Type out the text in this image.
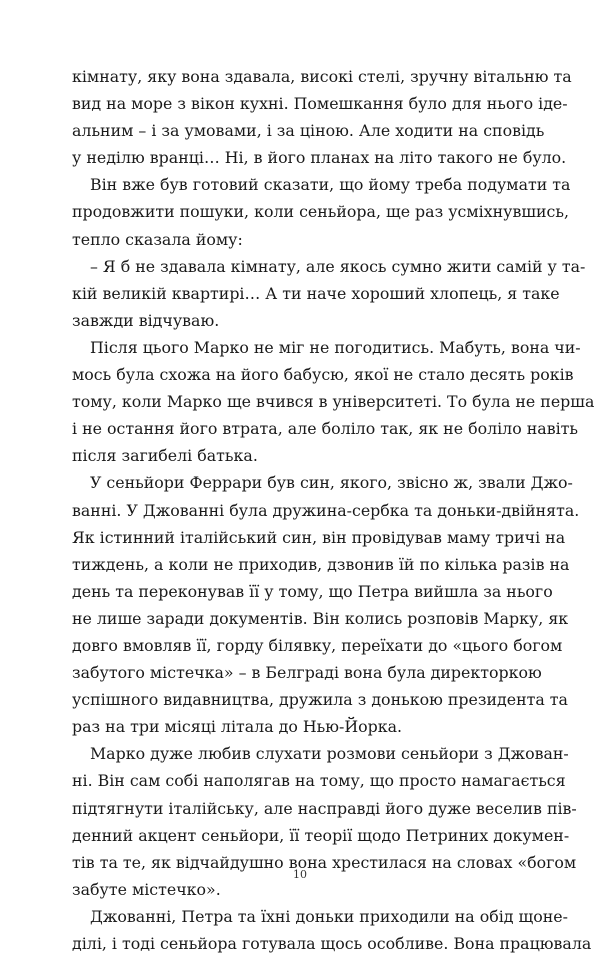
кімнату, яку вона здавала, високі стелі, зручну вітальню та
вид на море з вікон кухні. Помешкання було для нього іде-
альним – і за умовами, і за ціною. Але ходити на сповідь
у неділю вранці… Ні, в його планах на літо такого не було.
Він вже був готовий сказати, що йому треба подумати та
продовжити пошуки, коли сеньйора, ще раз усміхнувшись,
тепло сказала йому:
– Я б не здавала кімнату, але якось сумно жити самій у та-
кій великій квартирі… А ти наче хороший хлопець, я таке
завжди відчуваю.
Після цього Марко не міг не погодитись. Мабуть, вона чи-
мось була схожа на його бабусю, якої не стало десять років
тому, коли Марко ще вчився в університеті. То була не перша
і не остання його втрата, але боліло так, як не боліло навіть
після загибелі батька.
У сеньйори Феррари був син, якого, звісно ж, звали Джо-
ванні. У Джованні була дружина-сербка та доньки-двійнята.
Як істинний італійський син, він провідував маму тричі на
тиждень, а коли не приходив, дзвонив їй по кілька разів на
день та переконував її у тому, що Петра вийшла за нього
не лише заради документів. Він колись розповів Марку, як
довго вмовляв її, горду білявку, переїхати до «цього богом
забутого містечка» – в Белграді вона була директоркою
успішного видавництва, дружила з донькою президента та
раз на три місяці літала до Нью-Йорка.
Марко дуже любив слухати розмови сеньйори з Джован-
ні. Він сам собі наполягав на тому, що просто намагається
підтягнути італійську, але насправді його дуже веселив пів-
денний акцент сеньйори, її теорії щодо Петриних докумен-
тів та те, як відчайдушно вона хрестилася на словах «богом
забуте містечко».
Джованні, Петра та їхні доньки приходили на обід щоне-
ділі, і тоді сеньйора готувала щось особливе. Вона працювала
10
